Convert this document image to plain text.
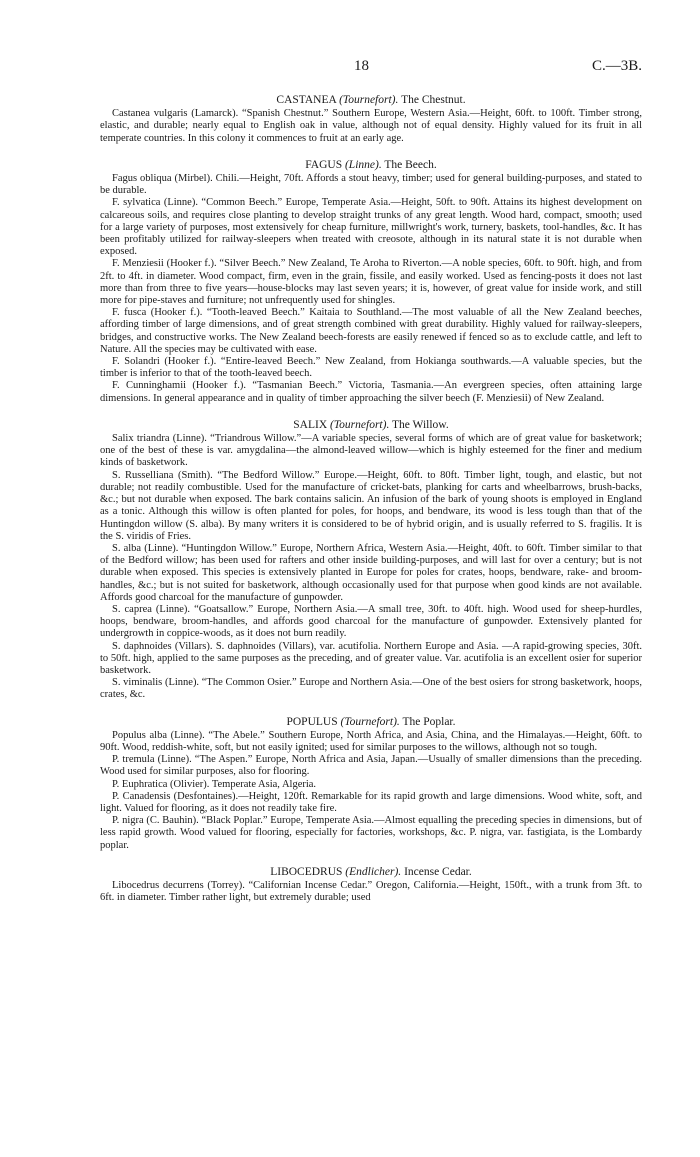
18	C.—3B.
CASTANEA (Tournefort). The Chestnut.

Castanea vulgaris (Lamarck). “Spanish Chestnut.” Southern Europe, Western Asia.—Height, 60ft. to 100ft. Timber strong, elastic, and durable; nearly equal to English oak in value, although not of equal density. Highly valued for its fruit in all temperate countries. In this colony it commences to fruit at an early age.

FAGUS (Linne). The Beech.

Fagus obliqua (Mirbel). Chili.—Height, 70ft. Affords a stout heavy, timber; used for general building-purposes, and stated to be durable.

F. sylvatica (Linne). “Common Beech.” Europe, Temperate Asia.—Height, 50ft. to 90ft. Attains its highest development on calcareous soils, and requires close planting to develop straight trunks of any great length. Wood hard, compact, smooth; used for a large variety of purposes, most extensively for cheap furniture, millwright's work, turnery, baskets, tool-handles, &c. It has been profitably utilized for railway-sleepers when treated with creosote, although in its natural state it is not durable when exposed.

F. Menziesii (Hooker f.). “Silver Beech.” New Zealand, Te Aroha to Riverton.—A noble species, 60ft. to 90ft. high, and from 2ft. to 4ft. in diameter. Wood compact, firm, even in the grain, fissile, and easily worked. Used as fencing-posts it does not last more than from three to five years—house-blocks may last seven years; it is, however, of great value for inside work, and still more for pipe-staves and furniture; not unfrequently used for shingles.

F. fusca (Hooker f.). “Tooth-leaved Beech.” Kaitaia to Southland.—The most valuable of all the New Zealand beeches, affording timber of large dimensions, and of great strength combined with great durability. Highly valued for railway-sleepers, bridges, and constructive works. The New Zealand beech-forests are easily renewed if fenced so as to exclude cattle, and left to Nature. All the species may be cultivated with ease.

F. Solandri (Hooker f.). “Entire-leaved Beech.” New Zealand, from Hokianga southwards.—A valuable species, but the timber is inferior to that of the tooth-leaved beech.

F. Cunninghamii (Hooker f.). “Tasmanian Beech.” Victoria, Tasmania.—An evergreen species, often attaining large dimensions. In general appearance and in quality of timber approaching the silver beech (F. Menziesii) of New Zealand.

SALIX (Tournefort). The Willow.

Salix triandra (Linne). “Triandrous Willow.”—A variable species, several forms of which are of great value for basketwork; one of the best of these is var. amygdalina—the almond-leaved willow—which is highly esteemed for the finer and medium kinds of basketwork.

S. Russelliana (Smith). “The Bedford Willow.” Europe.—Height, 60ft. to 80ft. Timber light, tough, and elastic, but not durable; not readily combustible. Used for the manufacture of cricket-bats, planking for carts and wheelbarrows, brush-backs, &c.; but not durable when exposed. The bark contains salicin. An infusion of the bark of young shoots is employed in England as a tonic. Although this willow is often planted for poles, for hoops, and bendware, its wood is less tough than that of the Huntingdon willow (S. alba). By many writers it is considered to be of hybrid origin, and is usually referred to S. fragilis. It is the S. viridis of Fries.

S. alba (Linne). “Huntingdon Willow.” Europe, Northern Africa, Western Asia.—Height, 40ft. to 60ft. Timber similar to that of the Bedford willow; has been used for rafters and other inside building-purposes, and will last for over a century; but is not durable when exposed. This species is extensively planted in Europe for poles for crates, hoops, bendware, rake- and broom-handles, &c.; but is not suited for basketwork, although occasionally used for that purpose when good kinds are not available. Affords good charcoal for the manufacture of gunpowder.

S. caprea (Linne). “Goatsallow.” Europe, Northern Asia.—A small tree, 30ft. to 40ft. high. Wood used for sheep-hurdles, hoops, bendware, broom-handles, and affords good charcoal for the manufacture of gunpowder. Extensively planted for undergrowth in coppice-woods, as it does not burn readily.

S. daphnoides (Villars). S. daphnoides (Villars), var. acutifolia. Northern Europe and Asia. —A rapid-growing species, 30ft. to 50ft. high, applied to the same purposes as the preceding, and of greater value. Var. acutifolia is an excellent osier for superior basketwork.

S. viminalis (Linne). “The Common Osier.” Europe and Northern Asia.—One of the best osiers for strong basketwork, hoops, crates, &c.

POPULUS (Tournefort). The Poplar.

Populus alba (Linne). “The Abele.” Southern Europe, North Africa, and Asia, China, and the Himalayas.—Height, 60ft. to 90ft. Wood, reddish-white, soft, but not easily ignited; used for similar purposes to the willows, although not so tough.

P. tremula (Linne). “The Aspen.” Europe, North Africa and Asia, Japan.—Usually of smaller dimensions than the preceding. Wood used for similar purposes, also for flooring.

P. Euphratica (Olivier). Temperate Asia, Algeria.

P. Canadensis (Desfontaines).—Height, 120ft. Remarkable for its rapid growth and large dimensions. Wood white, soft, and light. Valued for flooring, as it does not readily take fire.

P. nigra (C. Bauhin). “Black Poplar.” Europe, Temperate Asia.—Almost equalling the preceding species in dimensions, but of less rapid growth. Wood valued for flooring, especially for factories, workshops, &c. P. nigra, var. fastigiata, is the Lombardy poplar.

LIBOCEDRUS (Endlicher). Incense Cedar.

Libocedrus decurrens (Torrey). “Californian Incense Cedar.” Oregon, California.—Height, 150ft., with a trunk from 3ft. to 6ft. in diameter. Timber rather light, but extremely durable; used
